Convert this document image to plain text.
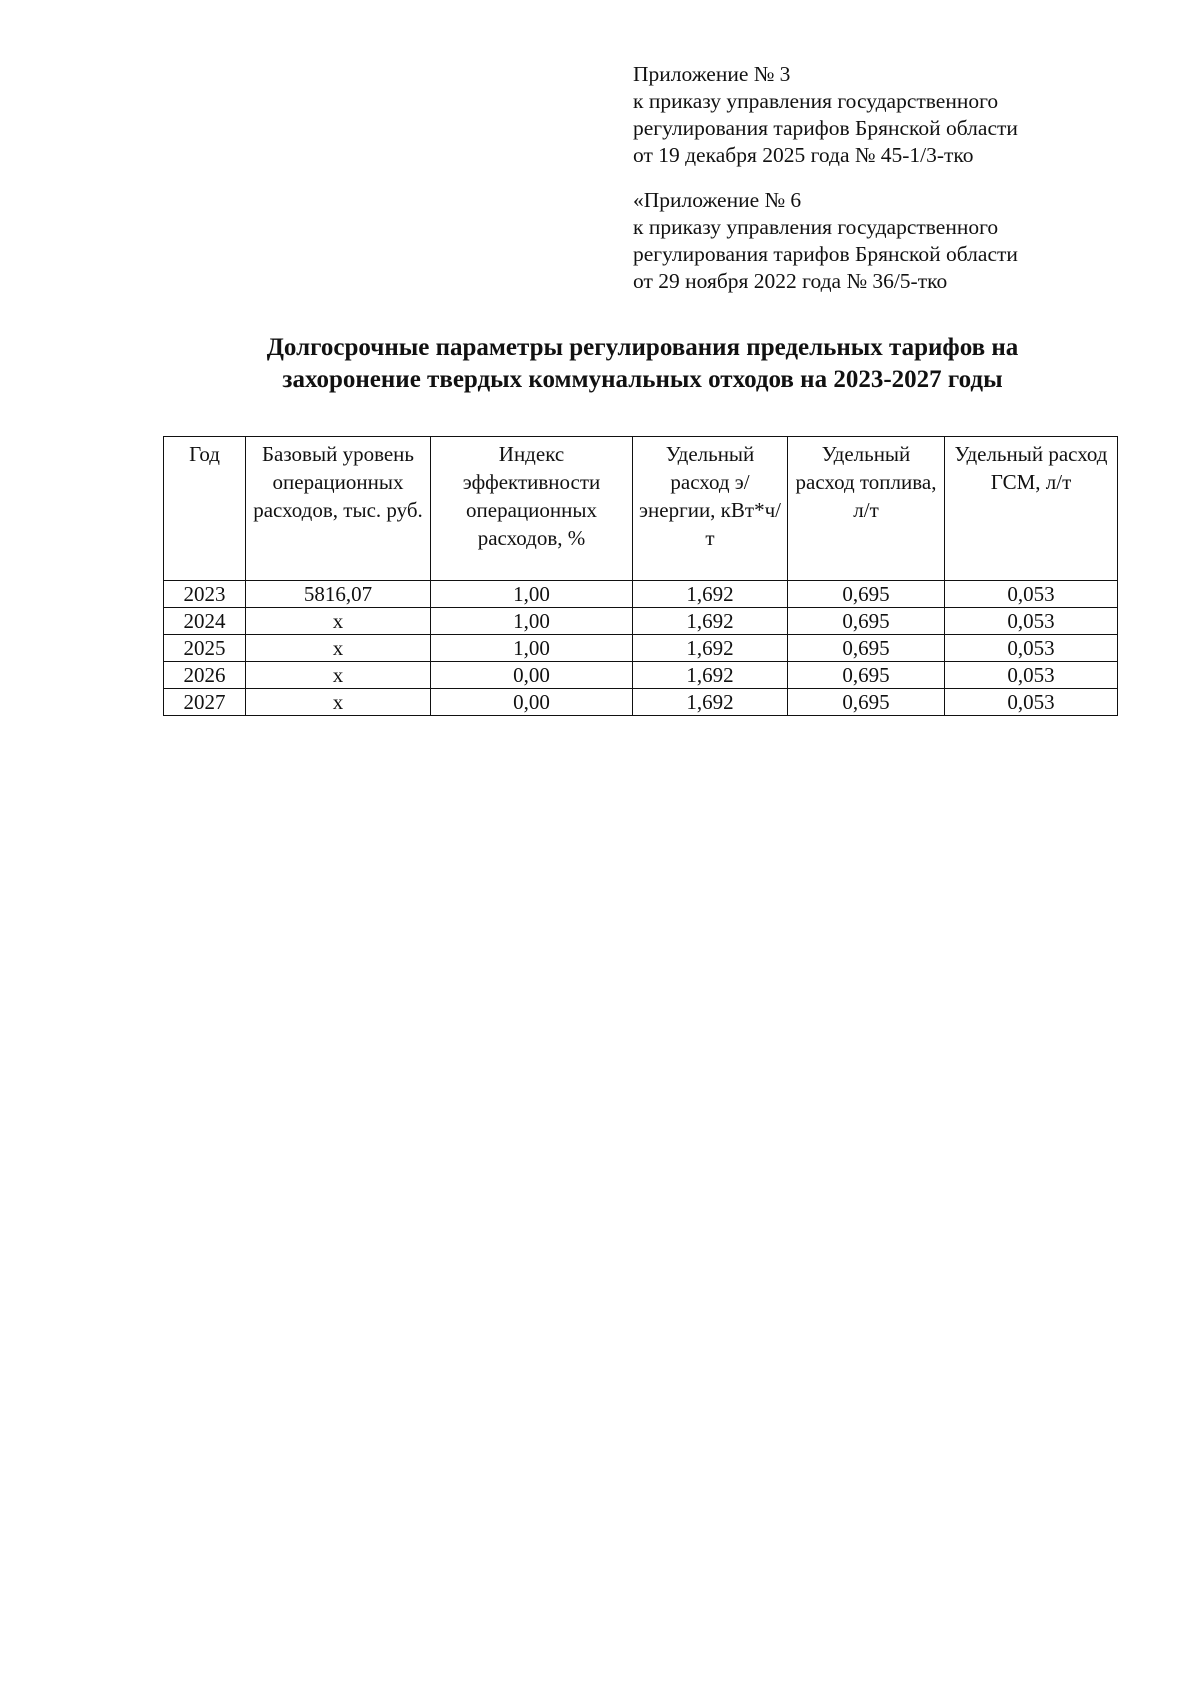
Приложение № 3
к приказу управления государственного
регулирования тарифов Брянской области
от 19 декабря 2025 года № 45-1/3-тко
«Приложение № 6
к приказу управления государственного
регулирования тарифов Брянской области
от 29 ноября 2022 года № 36/5-тко
Долгосрочные параметры регулирования предельных тарифов на
захоронение твердых коммунальных отходов на 2023-2027 годы
Год	Базовый уровень операционных расходов, тыс. руб.	Индекс эффективности операционных расходов, %	Удельный расход э/энергии, кВт*ч/т	Удельный расход топлива, л/т	Удельный расход ГСМ, л/т
2023	5816,07	1,00	1,692	0,695	0,053
2024	х	1,00	1,692	0,695	0,053
2025	х	1,00	1,692	0,695	0,053
2026	х	0,00	1,692	0,695	0,053
2027	х	0,00	1,692	0,695	0,053
